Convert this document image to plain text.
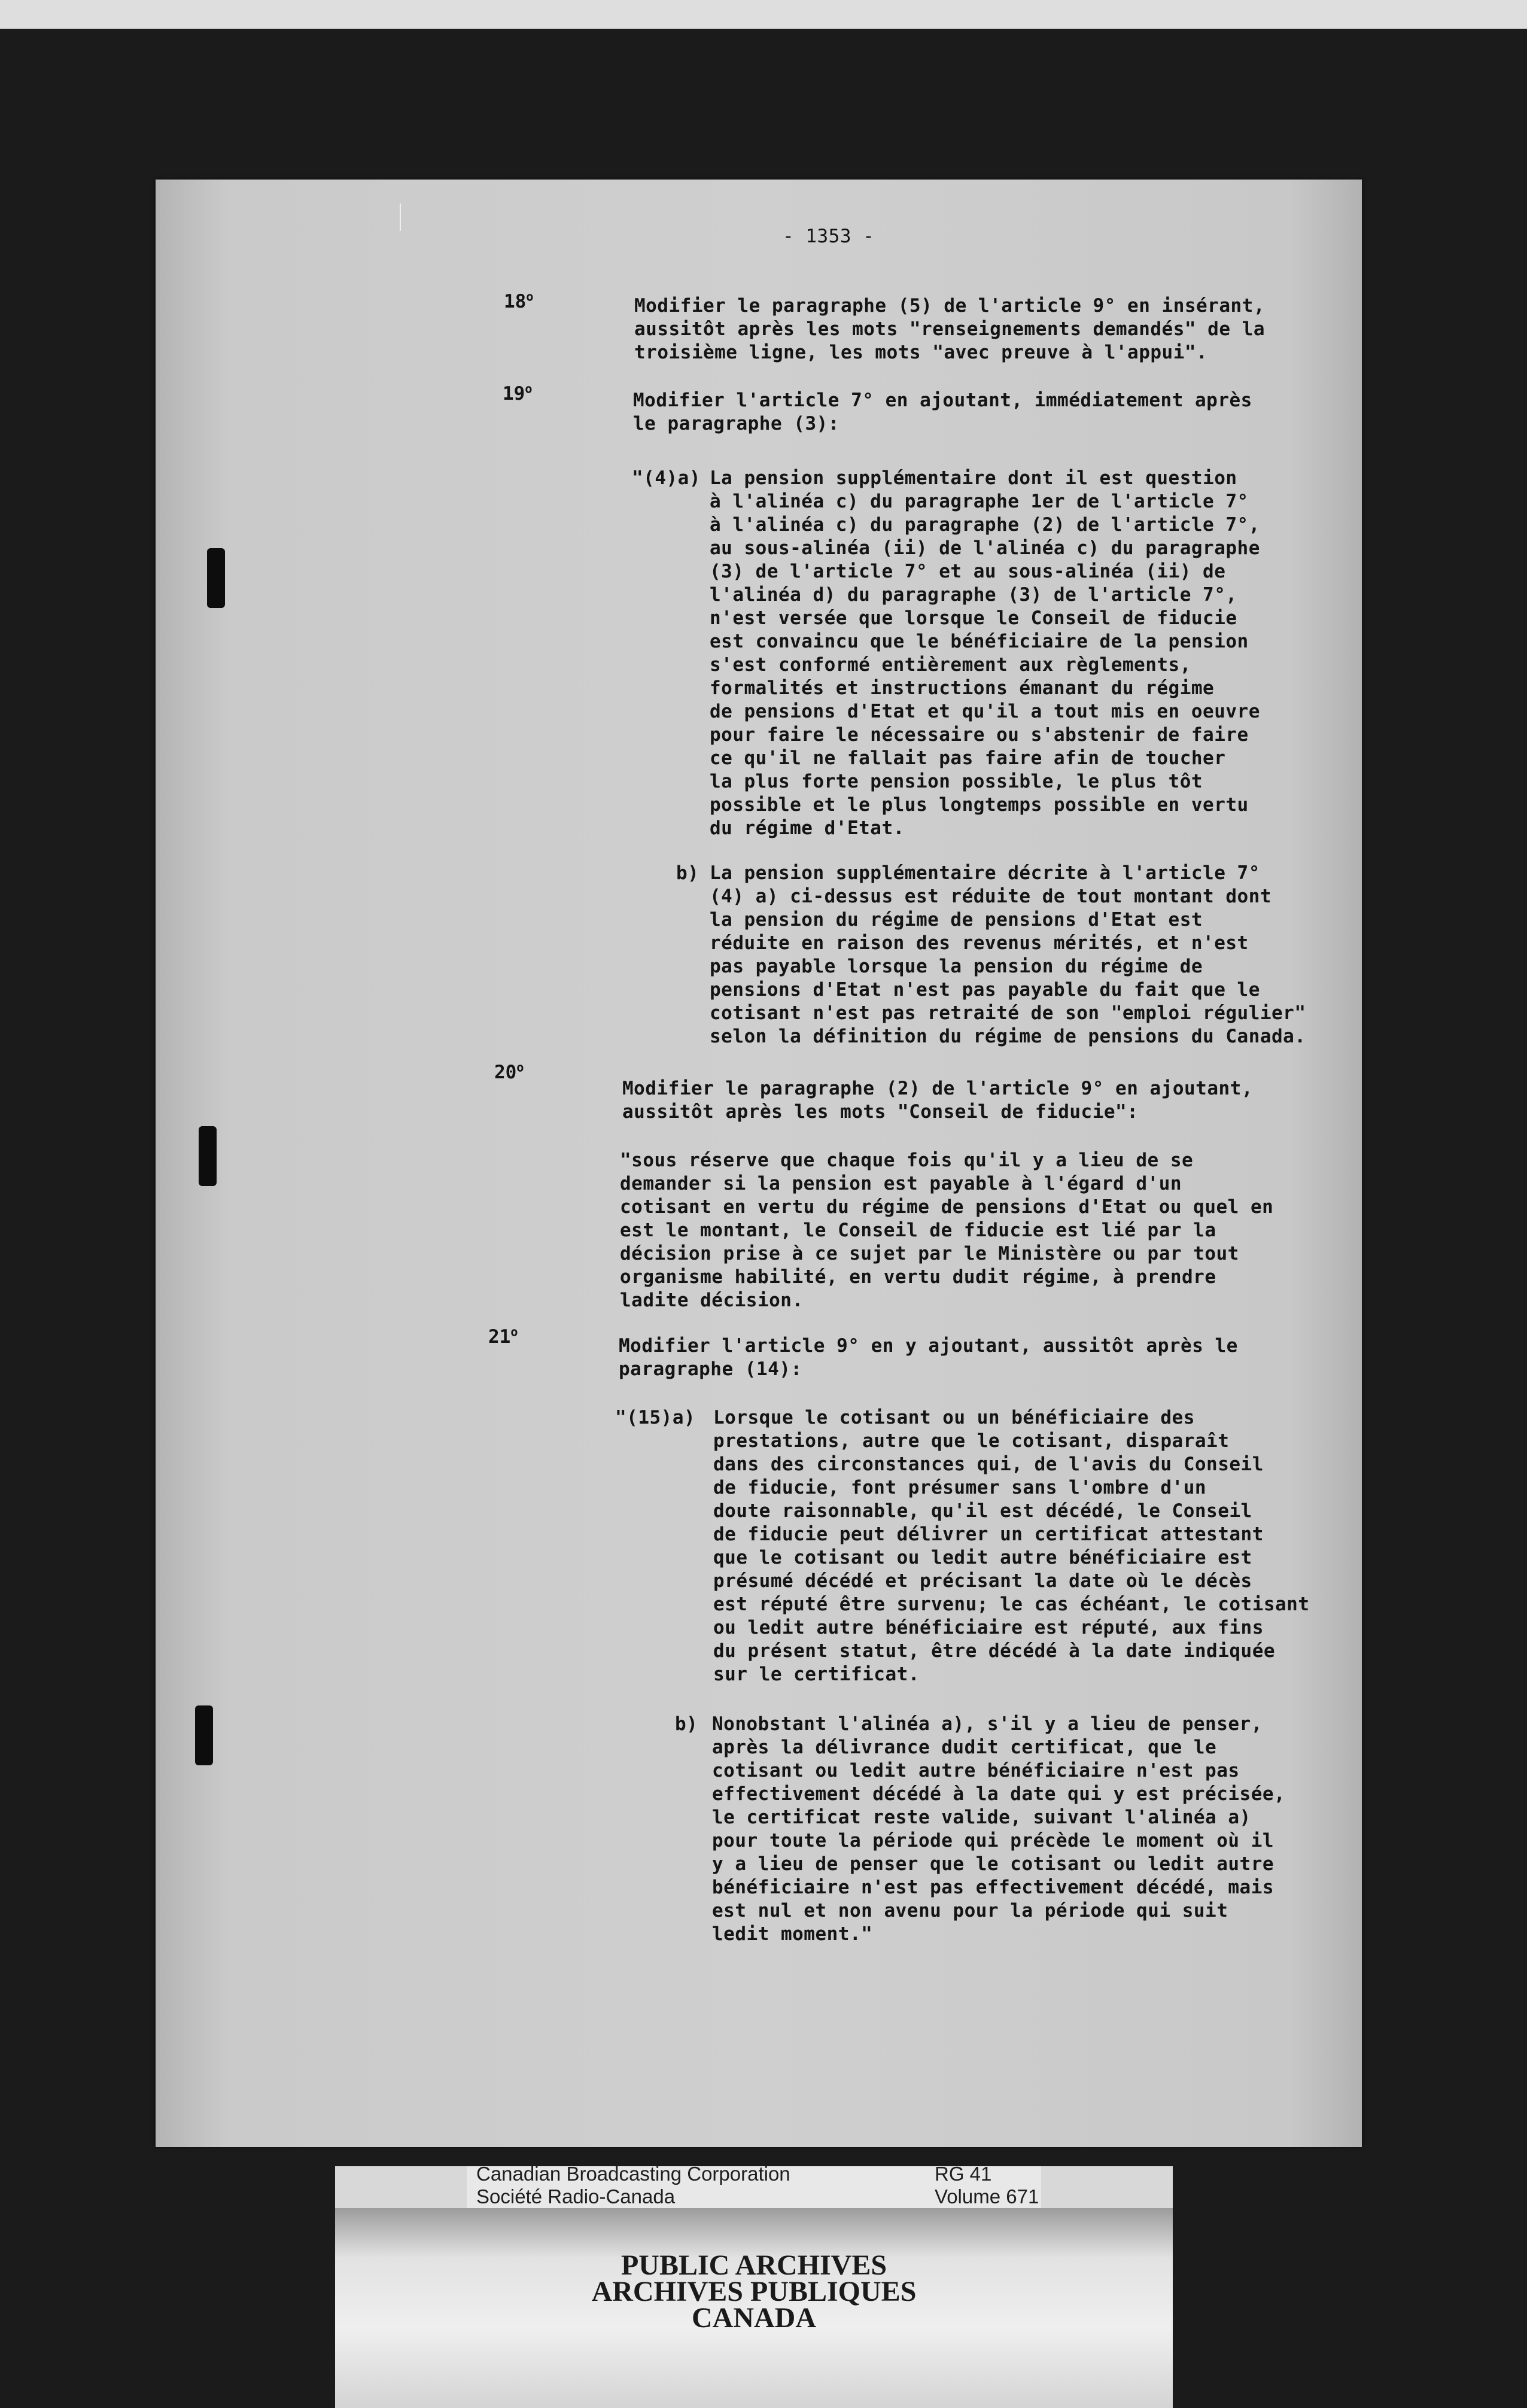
- 1353 -
18$^o$	Modifier le paragraphe (5) de l'article 9° en insérant,
aussitôt après les mots "renseignements demandés" de la
troisième ligne, les mots "avec preuve à l'appui".
19$^o$
Modifier l'article 7° en ajoutant, immédiatement après
le paragraphe (3):
"(4)a) La pension supplémentaire dont il est question
à l'alinéa c) du paragraphe 1er de l'article 7°
à l'alinéa c) du paragraphe (2) de l'article 7°,
au sous-alinéa (ii) de l'alinéa c) du paragraphe
(3) de l'article 7° et au sous-alinéa (ii) de
l'alinéa d) du paragraphe (3) de l'article 7°,
n'est versée que lorsque le Conseil de fiducie
est convaincu que le bénéficiaire de la pension
s'est conformé entièrement aux règlements,
formalités et instructions émanant du régime
de pensions d'Etat et qu'il a tout mis en oeuvre
pour faire le nécessaire ou s'abstenir de faire
ce qu'il ne fallait pas faire afin de toucher
la plus forte pension possible, le plus tôt
possible et le plus longtemps possible en vertu
du régime d'Etat.
b) La pension supplémentaire décrite à l'article 7°
(4) a) ci-dessus est réduite de tout montant dont
la pension du régime de pensions d'Etat est
réduite en raison des revenus mérités, et n'est
pas payable lorsque la pension du régime de
pensions d'Etat n'est pas payable du fait que le
cotisant n'est pas retraité de son "emploi régulier"
selon la définition du régime de pensions du Canada.
20$^o$
Modifier le paragraphe (2) de l'article 9° en ajoutant,
aussitôt après les mots "Conseil de fiducie":
"sous réserve que chaque fois qu'il y a lieu de se
demander si la pension est payable à l'égard d'un
cotisant en vertu du régime de pensions d'Etat ou quel en
est le montant, le Conseil de fiducie est lié par la
décision prise à ce sujet par le Ministère ou par tout
organisme habilité, en vertu dudit régime, à prendre
ladite décision.
21$^o$
Modifier l'article 9° en y ajoutant, aussitôt après le
paragraphe (14):
"(15)a) Lorsque le cotisant ou un bénéficiaire des
prestations, autre que le cotisant, disparaît
dans des circonstances qui, de l'avis du Conseil
de fiducie, font présumer sans l'ombre d'un
doute raisonnable, qu'il est décédé, le Conseil
de fiducie peut délivrer un certificat attestant
que le cotisant ou ledit autre bénéficiaire est
présumé décédé et précisant la date où le décès
est réputé être survenu; le cas échéant, le cotisant
ou ledit autre bénéficiaire est réputé, aux fins
du présent statut, être décédé à la date indiquée
sur le certificat.
b) Nonobstant l'alinéa a), s'il y a lieu de penser,
après la délivrance dudit certificat, que le
cotisant ou ledit autre bénéficiaire n'est pas
effectivement décédé à la date qui y est précisée,
le certificat reste valide, suivant l'alinéa a)
pour toute la période qui précède le moment où il
y a lieu de penser que le cotisant ou ledit autre
bénéficiaire n'est pas effectivement décédé, mais
est nul et non avenu pour la période qui suit
ledit moment."
Canadian Broadcasting Corporation
Société Radio-Canada
RG 41
Volume 671
PUBLIC ARCHIVES
ARCHIVES PUBLIQUES
CANADA
